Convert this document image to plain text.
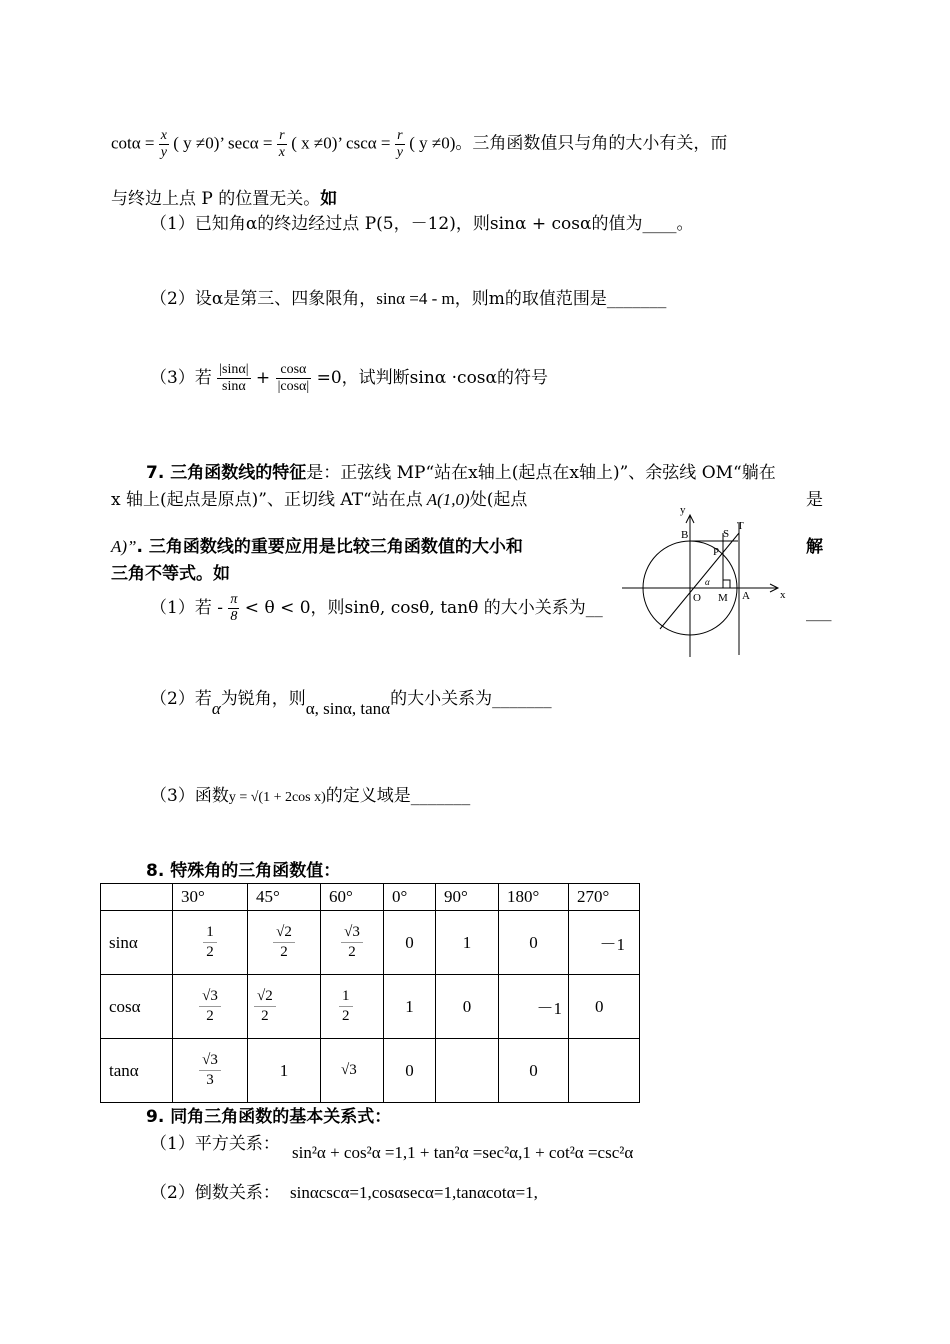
$\cot\alpha = \frac{x}{y}$ ( y ≠0)’ $\sec\alpha = \frac{r}{x}$ ( x ≠0)’ $\csc\alpha = \frac{r}{y}$ ( y ≠0)。三角函数值只与角的大小有关，而
与终边上点 P 的位置无关。如
（1）已知角α的终边经过点 P(5，－12)，则sinα + cosα的值为____。
（2）设α是第三、四象限角，sinα =4 - m，则m的取值范围是_______
（3）若 $\frac{|\sin\alpha|}{\sin\alpha} + \frac{\cos\alpha}{|\cos\alpha|} =0$，试判断sinα ·cosα的符号
7. 三角函数线的特征是：正弦线 MP“站在x轴上(起点在x轴上)”、余弦线 OM“躺在
x 轴上(起点是原点)”、正切线 AT“站在点 A(1,0)处(起点	是
A)”. 三角函数线的重要应用是比较三角函数值的大小和	解
三角不等式。如
（1）若 - $\frac{\pi}{8} < \theta < 0$，则sinθ, cosθ, tanθ 的大小关系为__	___
（2）若α为锐角，则α, sinα, tanα的大小关系为_______
（3）函数y = √(1 + 2cos x)的定义域是_______
y
x
B	S
T
P
α
O M A
8. 特殊角的三角函数值：
	30°	45°	60°	0°	90°	180°	270°
sinα	$\frac{1}{2}$	$\frac{√2}{2}$	$\frac{√3}{2}$	0	1	0	－1
cosα	$\frac{√3}{2}$	$\frac{√2}{2}$	$\frac{1}{2}$	1	0	－1	0
tanα	$\frac{√3}{3}$	1	√3	0		0	
9. 同角三角函数的基本关系式：
（1）平方关系： sin²α + cos²α =1,1 + tan²α =sec²α,1 + cot²α =csc²α
（2）倒数关系： sinαcscα=1,cosαsecα=1,tanαcotα=1,
